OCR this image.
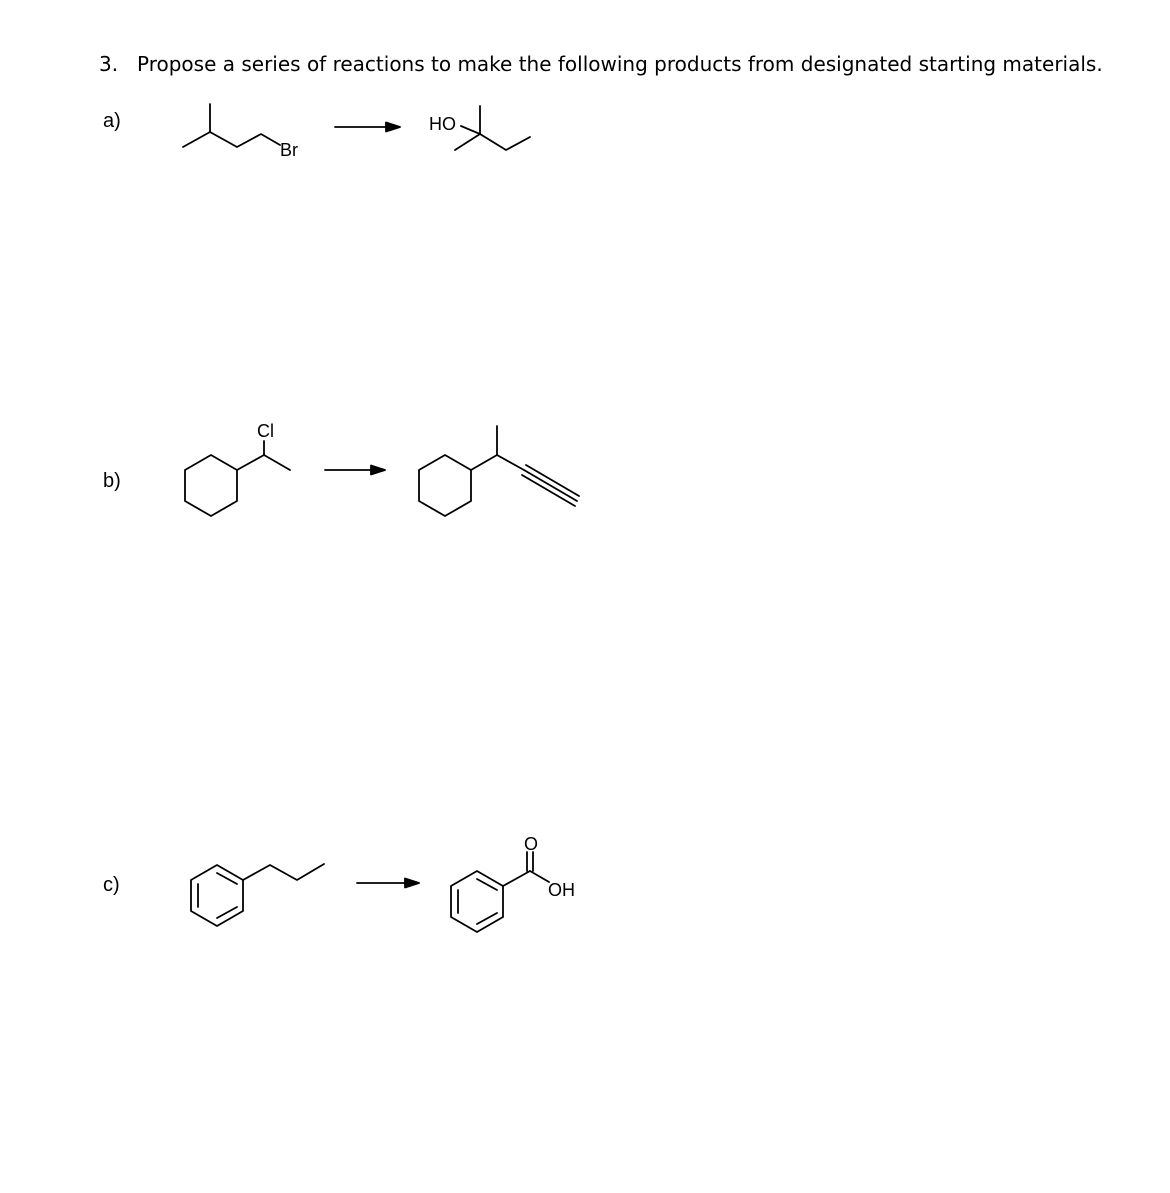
3. Propose a series of reactions to make the following products from designated starting materials.
a)
b)
c)
Br
HO
Cl
O
OH
